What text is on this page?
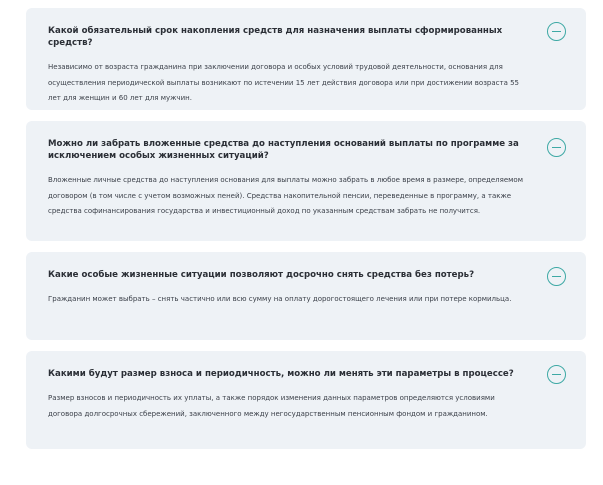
Какой обязательный срок накопления средств для назначения выплаты сформированных средств?

Независимо от возраста гражданина при заключении договора и особых условий трудовой деятельности, основания для осуществления периодической выплаты возникают по истечении 15 лет действия договора или при достижении возраста 55 лет для женщин и 60 лет для мужчин.

Можно ли забрать вложенные средства до наступления оснований выплаты по программе за исключением особых жизненных ситуаций?

Вложенные личные средства до наступления основания для выплаты можно забрать в любое время в размере, определяемом договором (в том числе с учетом возможных пеней). Средства накопительной пенсии, переведенные в программу, а также средства софинансирования государства и инвестиционный доход по указанным средствам забрать не получится.

Какие особые жизненные ситуации позволяют досрочно снять средства без потерь?

Гражданин может выбрать – снять частично или всю сумму на оплату дорогостоящего лечения или при потере кормильца.

Какими будут размер взноса и периодичность, можно ли менять эти параметры в процессе?

Размер взносов и периодичность их уплаты, а также порядок изменения данных параметров определяются условиями договора долгосрочных сбережений, заключенного между негосударственным пенсионным фондом и гражданином.
